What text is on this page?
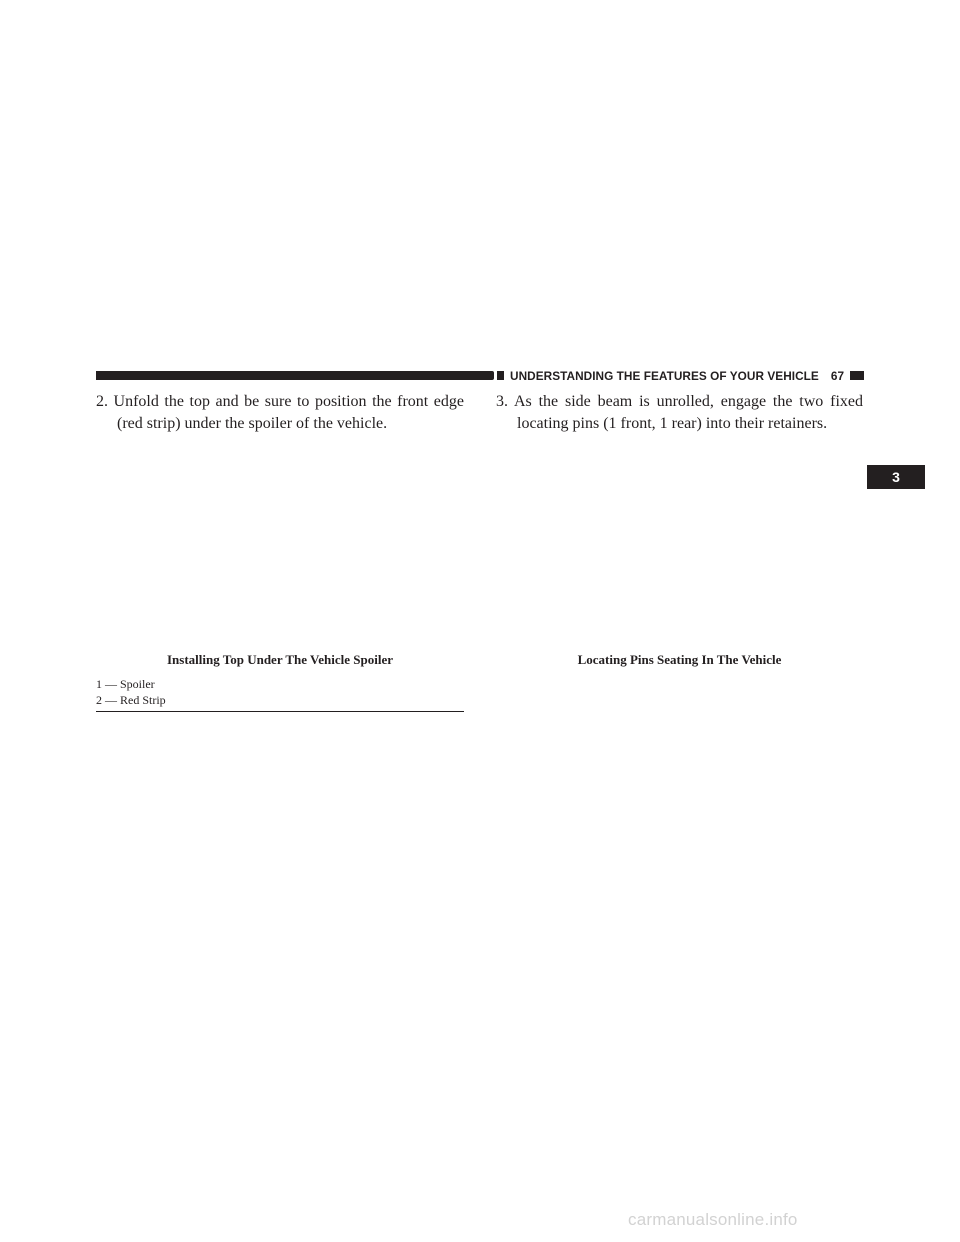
UNDERSTANDING THE FEATURES OF YOUR VEHICLE 67

2. Unfold the top and be sure to position the front edge (red strip) under the spoiler of the vehicle.

3. As the side beam is unrolled, engage the two fixed locating pins (1 front, 1 rear) into their retainers.

Installing Top Under The Vehicle Spoiler	Locating Pins Seating In The Vehicle
1 — Spoiler
2 — Red Strip
3
carmanualsonline.info
